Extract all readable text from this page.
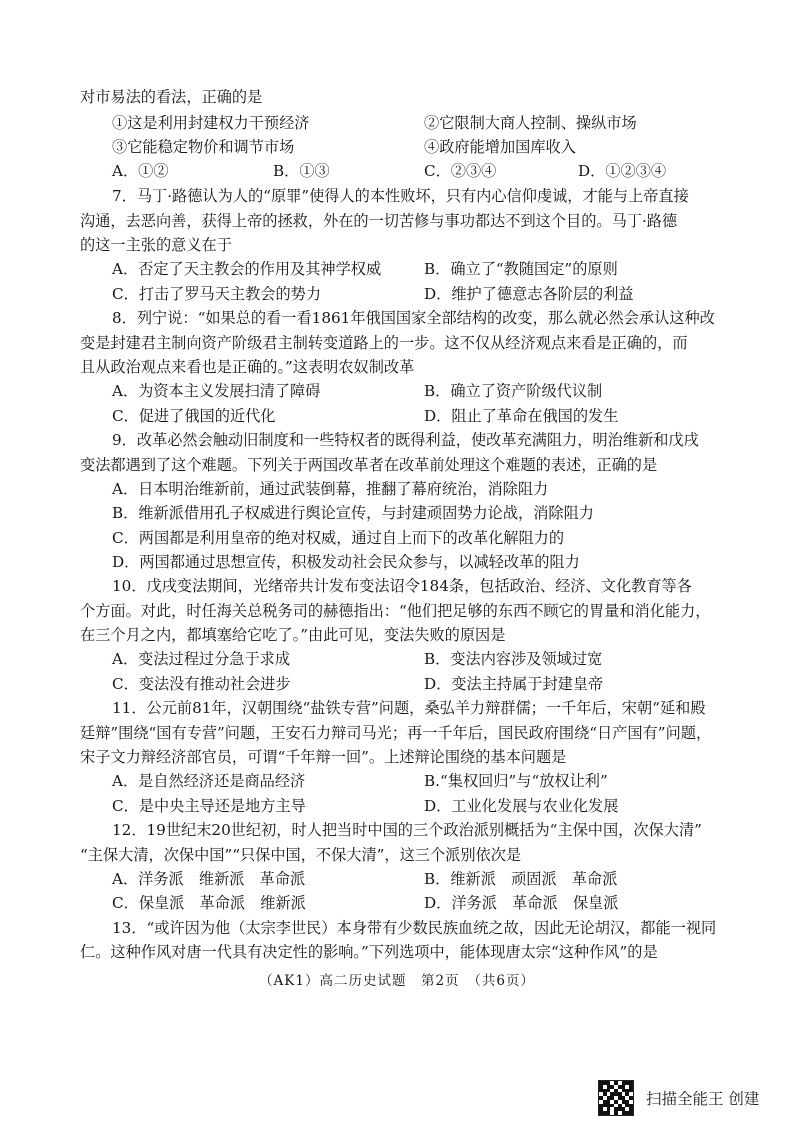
对市易法的看法，正确的是
①这是利用封建权力干预经济	②它限制大商人控制、操纵市场
③它能稳定物价和调节市场	④政府能增加国库收入
A．①②	B．①③	C．②③④	D．①②③④
7．马丁·路德认为人的“原罪”使得人的本性败坏，只有内心信仰虔诚，才能与上帝直接
沟通，去恶向善，获得上帝的拯救，外在的一切苦修与事功都达不到这个目的。马丁·路德
的这一主张的意义在于
A．否定了天主教会的作用及其神学权威	B．确立了“教随国定”的原则
C．打击了罗马天主教会的势力	D．维护了德意志各阶层的利益
8．列宁说：“如果总的看一看1861年俄国国家全部结构的改变，那么就必然会承认这种改
变是封建君主制向资产阶级君主制转变道路上的一步。这不仅从经济观点来看是正确的，而
且从政治观点来看也是正确的。”这表明农奴制改革
A．为资本主义发展扫清了障碍	B．确立了资产阶级代议制
C．促进了俄国的近代化	D．阻止了革命在俄国的发生
9．改革必然会触动旧制度和一些特权者的既得利益，使改革充满阻力，明治维新和戊戌
变法都遇到了这个难题。下列关于两国改革者在改革前处理这个难题的表述，正确的是
A．日本明治维新前，通过武装倒幕，推翻了幕府统治，消除阻力
B．维新派借用孔子权威进行舆论宣传，与封建顽固势力论战，消除阻力
C．两国都是利用皇帝的绝对权威，通过自上而下的改革化解阻力的
D．两国都通过思想宣传，积极发动社会民众参与，以减轻改革的阻力
10．戊戌变法期间，光绪帝共计发布变法诏令184条，包括政治、经济、文化教育等各
个方面。对此，时任海关总税务司的赫德指出：“他们把足够的东西不顾它的胃量和消化能力，
在三个月之内，都填塞给它吃了。”由此可见，变法失败的原因是
A．变法过程过分急于求成	B．变法内容涉及领域过宽
C．变法没有推动社会进步	D．变法主持属于封建皇帝
11．公元前81年，汉朝围绕“盐铁专营”问题，桑弘羊力辩群儒；一千年后，宋朝“延和殿
廷辩”围绕“国有专营”问题，王安石力辩司马光；再一千年后，国民政府围绕“日产国有”问题，
宋子文力辩经济部官员，可谓“千年辩一回”。上述辩论围绕的基本问题是
A．是自然经济还是商品经济	B.“集权回归”与“放权让利”
C．是中央主导还是地方主导	D．工业化发展与农业化发展
12．19世纪末20世纪初，时人把当时中国的三个政治派别概括为“主保中国，次保大清”
“主保大清，次保中国”“只保中国，不保大清”，这三个派别依次是
A．洋务派　维新派　革命派	B．维新派　顽固派　革命派
C．保皇派　革命派　维新派	D．洋务派　革命派　保皇派
13．“或许因为他（太宗李世民）本身带有少数民族血统之故，因此无论胡汉，都能一视同
仁。这种作风对唐一代具有决定性的影响。”下列选项中，能体现唐太宗“这种作风”的是
（AK1）高二历史试题　第2页　（共6页）
扫描全能王 创建
